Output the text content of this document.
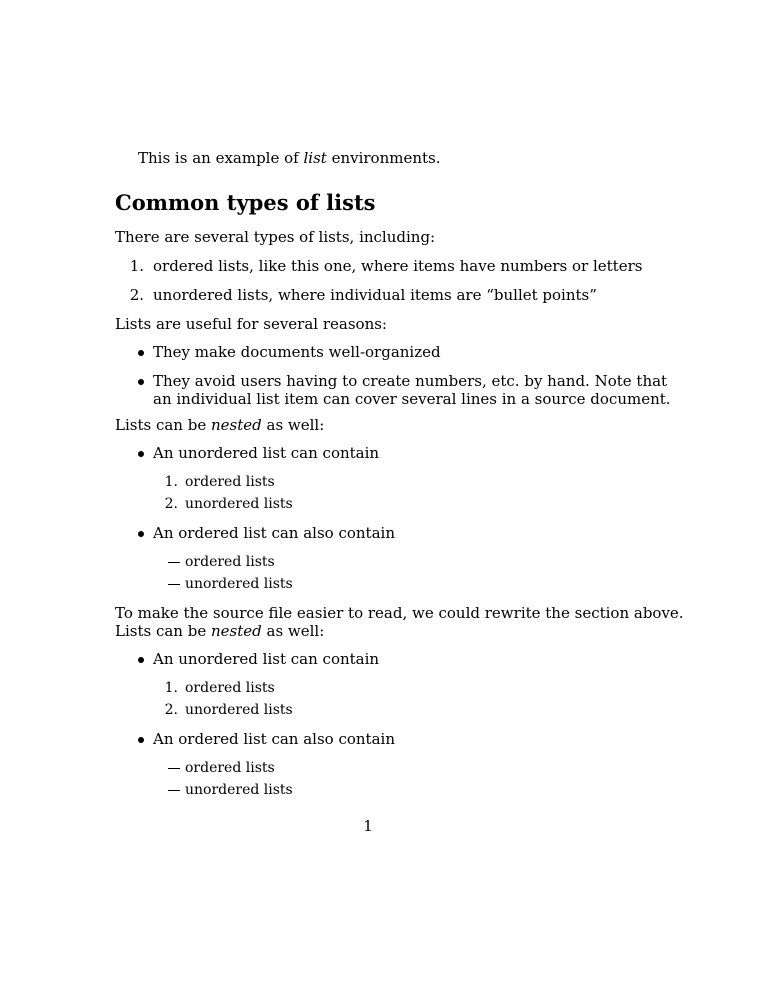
This is an example of list environments.
Common types of lists
There are several types of lists, including:
1. ordered lists, like this one, where items have numbers or letters
2. unordered lists, where individual items are “bullet points”
Lists are useful for several reasons:
They make documents well-organized
They avoid users having to create numbers, etc. by hand. Note that
an individual list item can cover several lines in a source document.
Lists can be nested as well:
An unordered list can contain
1. ordered lists
2. unordered lists
An ordered list can also contain
ordered lists
unordered lists
To make the source file easier to read, we could rewrite the section above.
Lists can be nested as well:
An unordered list can contain
1. ordered lists
2. unordered lists
An ordered list can also contain
ordered lists
unordered lists
1
